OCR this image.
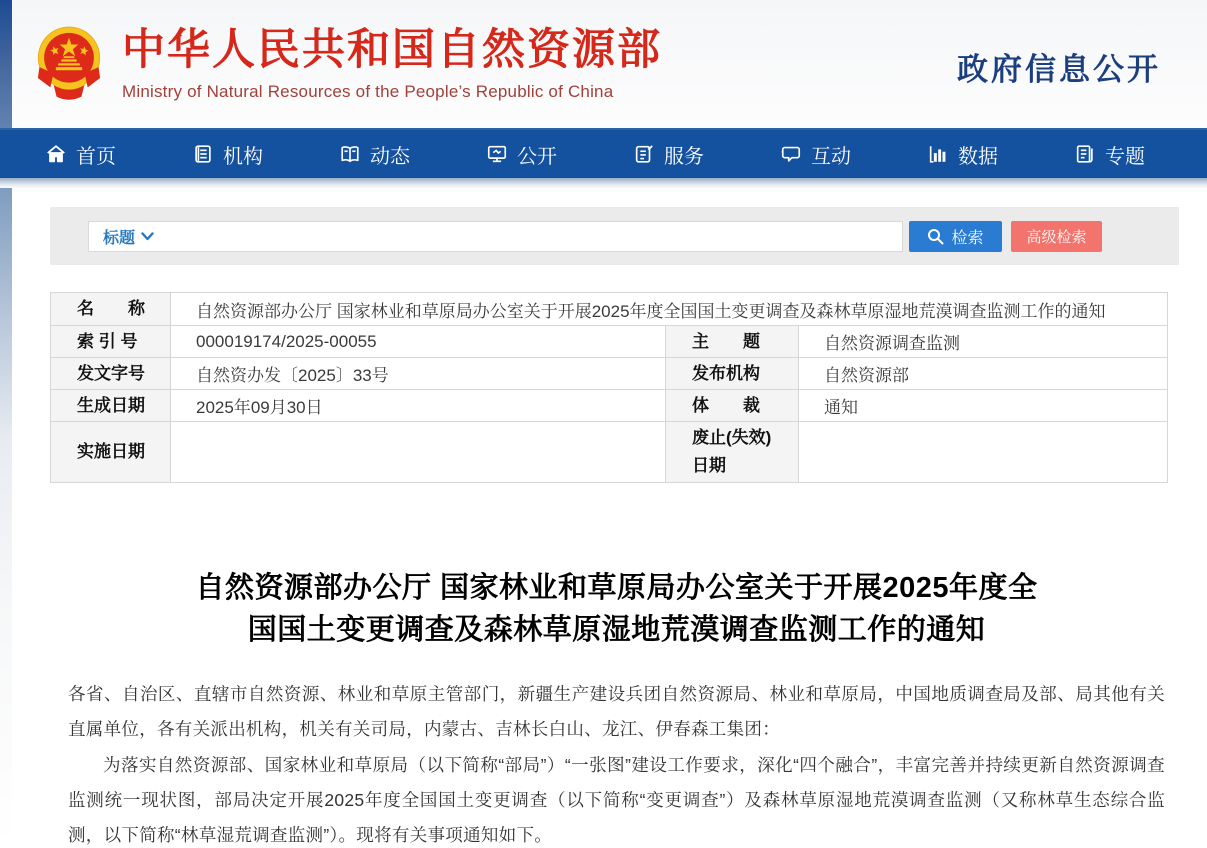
中华人民共和国自然资源部
Ministry of Natural Resources of the People’s Republic of China
政府信息公开
首页	机构	动态	公开	服务	互动	数据	专题
标题	检索	高级检索
名　　称	自然资源部办公厅 国家林业和草原局办公室关于开展2025年度全国国土变更调查及森林草原湿地荒漠调查监测工作的通知		
索 引 号	000019174/2025-00055	主　　题	自然资源调查监测
发文字号	自然资办发〔2025〕33号	发布机构	自然资源部
生成日期	2025年09月30日	体　　裁	通知
实施日期		废止(失效)日期	

自然资源部办公厅 国家林业和草原局办公室关于开展2025年度全国国土变更调查及森林草原湿地荒漠调查监测工作的通知

各省、自治区、直辖市自然资源、林业和草原主管部门，新疆生产建设兵团自然资源局、林业和草原局，中国地质调查局及部、局其他有关直属单位，各有关派出机构，机关有关司局，内蒙古、吉林长白山、龙江、伊春森工集团：

为落实自然资源部、国家林业和草原局（以下简称“部局”）“一张图”建设工作要求，深化“四个融合”，丰富完善并持续更新自然资源调查监测统一现状图，部局决定开展2025年度全国国土变更调查（以下简称“变更调查”）及森林草原湿地荒漠调查监测（又称林草生态综合监测，以下简称“林草湿荒调查监测”）。现将有关事项通知如下。
